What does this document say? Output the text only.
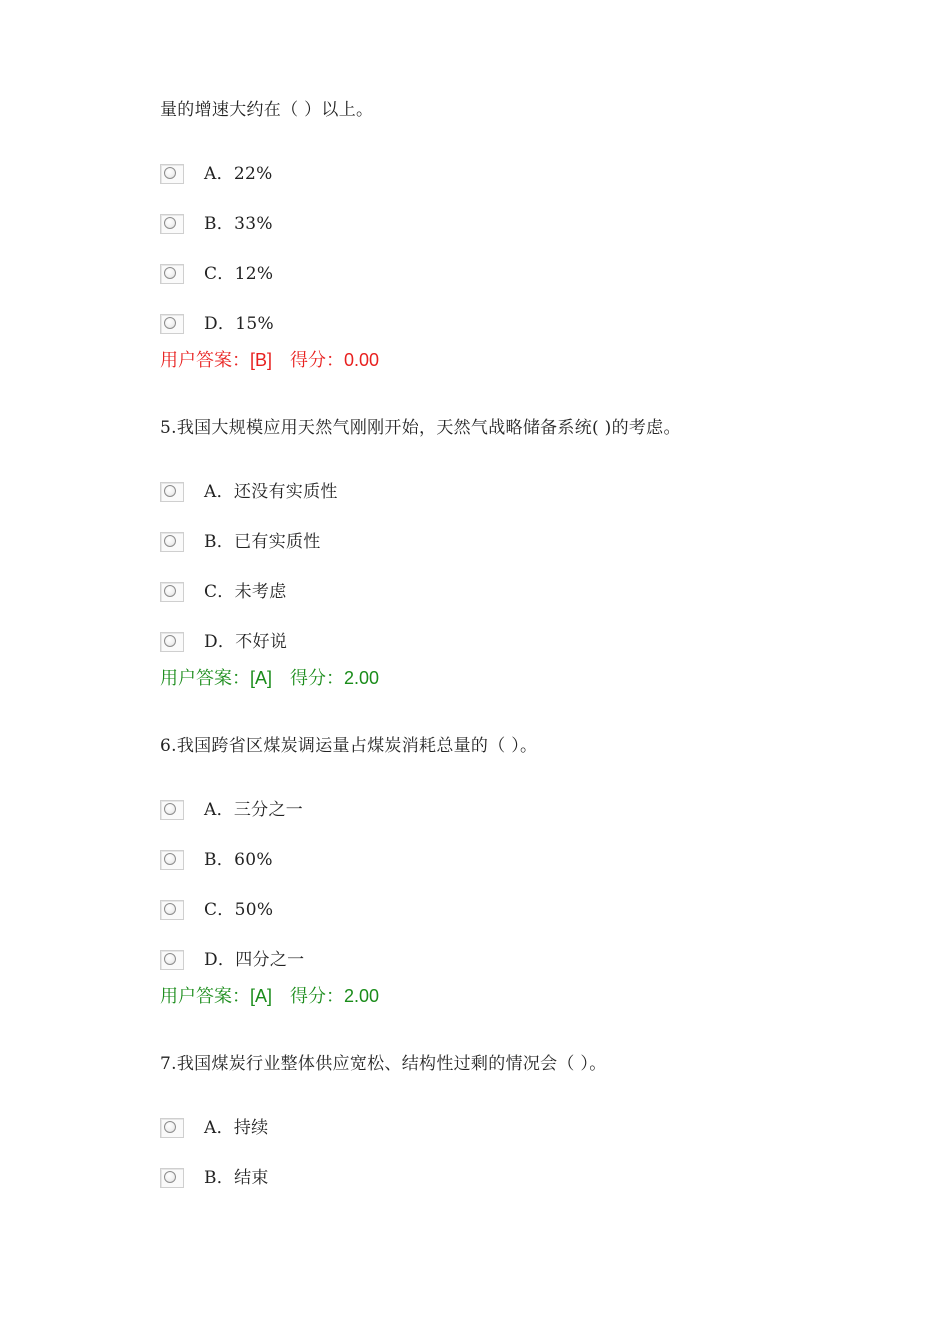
量的增速大约在（ ）以上。
A．22%
B．33%
C．12%
D．15%
用户答案：[B] 得分：0.00
5.我国大规模应用天然气刚刚开始，天然气战略储备系统( )的考虑。
A．还没有实质性
B．已有实质性
C．未考虑
D．不好说
用户答案：[A] 得分：2.00
6.我国跨省区煤炭调运量占煤炭消耗总量的（ ）。
A．三分之一
B．60%
C．50%
D．四分之一
用户答案：[A] 得分：2.00
7.我国煤炭行业整体供应宽松、结构性过剩的情况会（ ）。
A．持续
B．结束
